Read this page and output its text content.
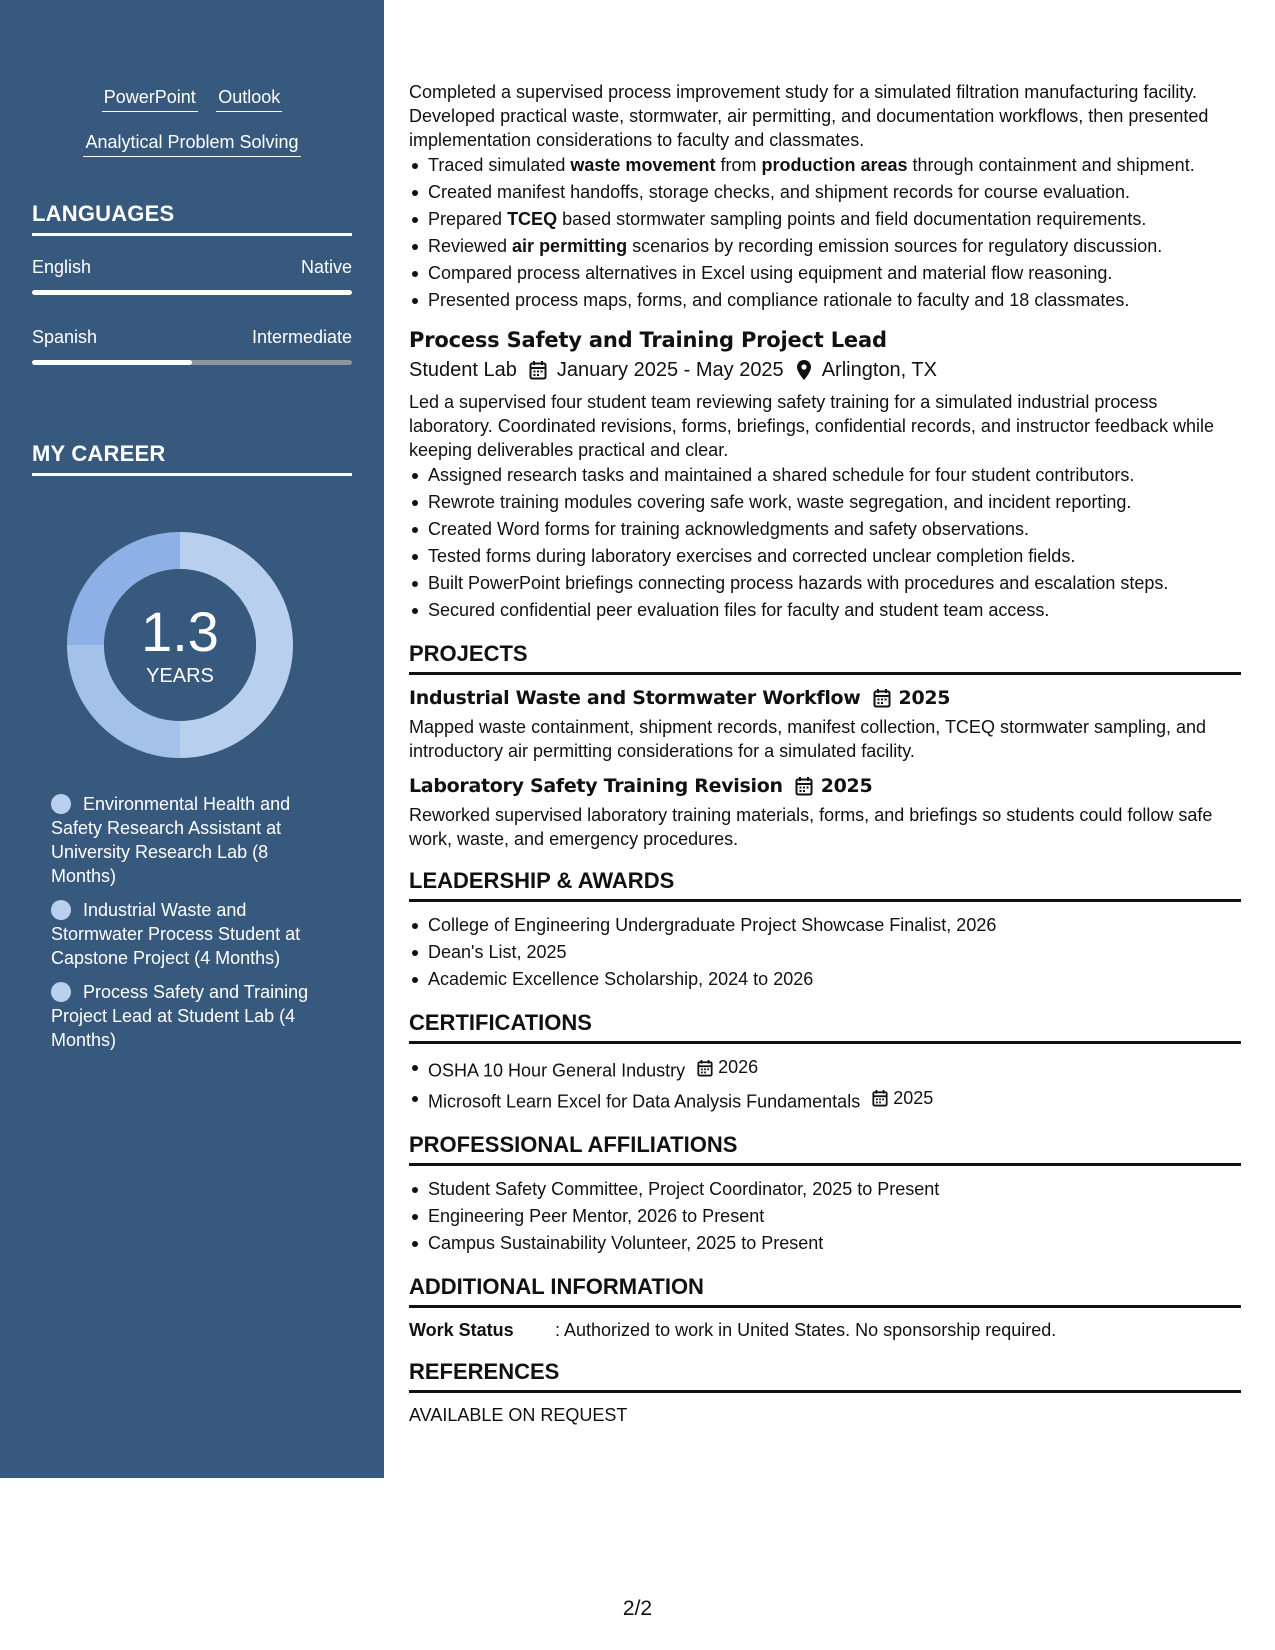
PowerPoint Outlook
Analytical Problem Solving
LANGUAGES
English	Native
Spanish	Intermediate
MY CAREER
1.3
YEARS
Environmental Health and Safety Research Assistant at University Research Lab (8 Months)
Industrial Waste and Stormwater Process Student at Capstone Project (4 Months)
Process Safety and Training Project Lead at Student Lab (4 Months)

Completed a supervised process improvement study for a simulated filtration manufacturing facility. Developed practical waste, stormwater, air permitting, and documentation workflows, then presented implementation considerations to faculty and classmates.

Traced simulated waste movement from production areas through containment and shipment.
Created manifest handoffs, storage checks, and shipment records for course evaluation.
Prepared TCEQ based stormwater sampling points and field documentation requirements.
Reviewed air permitting scenarios by recording emission sources for regulatory discussion.
Compared process alternatives in Excel using equipment and material flow reasoning.
Presented process maps, forms, and compliance rationale to faculty and 18 classmates.
Process Safety and Training Project Lead
Student Lab January 2025 - May 2025 Arlington, TX

Led a supervised four student team reviewing safety training for a simulated industrial process laboratory. Coordinated revisions, forms, briefings, confidential records, and instructor feedback while keeping deliverables practical and clear.

Assigned research tasks and maintained a shared schedule for four student contributors.
Rewrote training modules covering safe work, waste segregation, and incident reporting.
Created Word forms for training acknowledgments and safety observations.
Tested forms during laboratory exercises and corrected unclear completion fields.
Built PowerPoint briefings connecting process hazards with procedures and escalation steps.
Secured confidential peer evaluation files for faculty and student team access.
PROJECTS
Industrial Waste and Stormwater Workflow 2025

Mapped waste containment, shipment records, manifest collection, TCEQ stormwater sampling, and introductory air permitting considerations for a simulated facility.

Laboratory Safety Training Revision 2025

Reworked supervised laboratory training materials, forms, and briefings so students could follow safe work, waste, and emergency procedures.

LEADERSHIP & AWARDS
College of Engineering Undergraduate Project Showcase Finalist, 2026
Dean's List, 2025
Academic Excellence Scholarship, 2024 to 2026
CERTIFICATIONS
OSHA 10 Hour General Industry 2026
Microsoft Learn Excel for Data Analysis Fundamentals 2025
PROFESSIONAL AFFILIATIONS
Student Safety Committee, Project Coordinator, 2025 to Present
Engineering Peer Mentor, 2026 to Present
Campus Sustainability Volunteer, 2025 to Present
ADDITIONAL INFORMATION
Work Status	: Authorized to work in United States. No sponsorship required.
REFERENCES
AVAILABLE ON REQUEST
2/2
